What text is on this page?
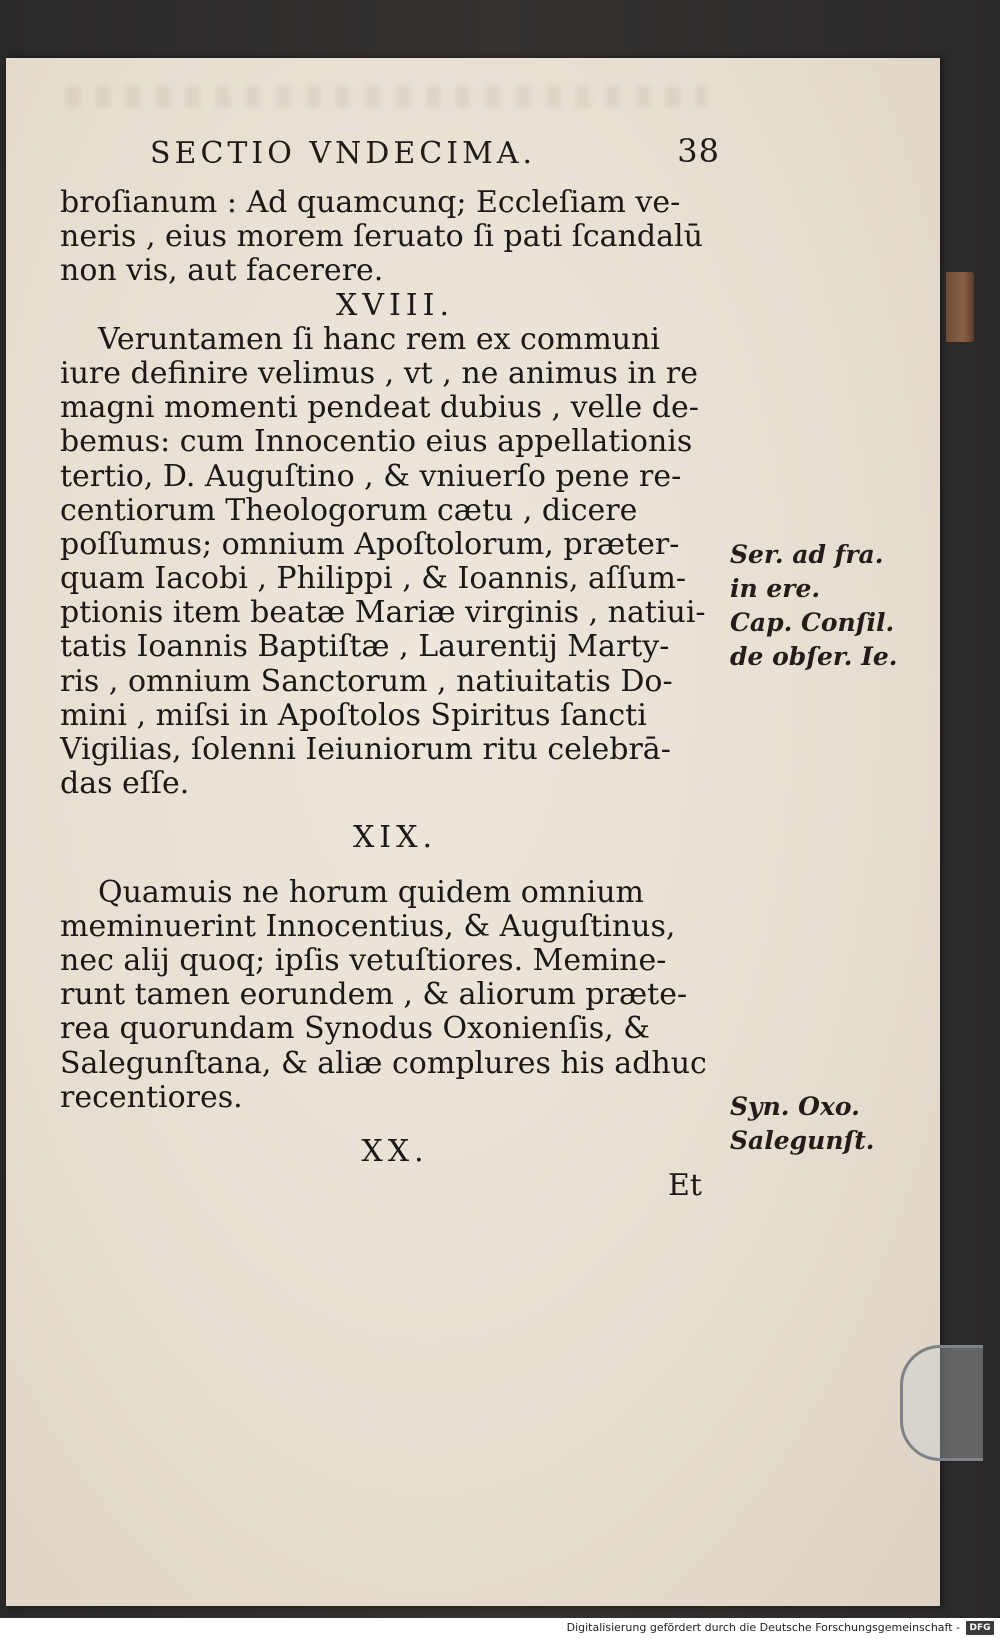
SECTIO VNDECIMA.	38
broſianum : Ad quamcunq; Eccleſiam ve-
neris , eius morem ſeruato ſi pati ſcandalū
non vis, aut facerere.
XVIII.
Veruntamen ſi hanc rem ex communi
iure definire velimus , vt , ne animus in re
magni momenti pendeat dubius , velle de-
bemus: cum Innocentio eius appellationis
tertio, D. Auguſtino , & vniuerſo pene re-
centiorum Theologorum cætu , dicere
poſſumus; omnium Apoſtolorum, præter-
quam Iacobi , Philippi , & Ioannis, aſſum-
ptionis item beatæ Mariæ virginis , natiui-
tatis Ioannis Baptiſtæ , Laurentij Marty-
ris , omnium Sanctorum , natiuitatis Do-
mini , miſsi in Apoſtolos Spiritus ſancti
Vigilias, ſolenni Ieiuniorum ritu celebrā-
das eſſe.
XIX.
Quamuis ne horum quidem omnium
meminuerint Innocentius, & Auguſtinus,
nec alij quoq; ipſis vetuſtiores. Memine-
runt tamen eorundem , & aliorum præte-
rea quorundam Synodus Oxonienſis, &
Salegunſtana, & aliæ complures his adhuc
recentiores.
XX.
Et
Ser. ad fra.
in ere.
Cap. Conſil.
de obſer. Ie.
Syn. Oxo.
Salegunſt.
Digitalisierung gefördert durch die Deutsche Forschungsgemeinschaft -	DFG
